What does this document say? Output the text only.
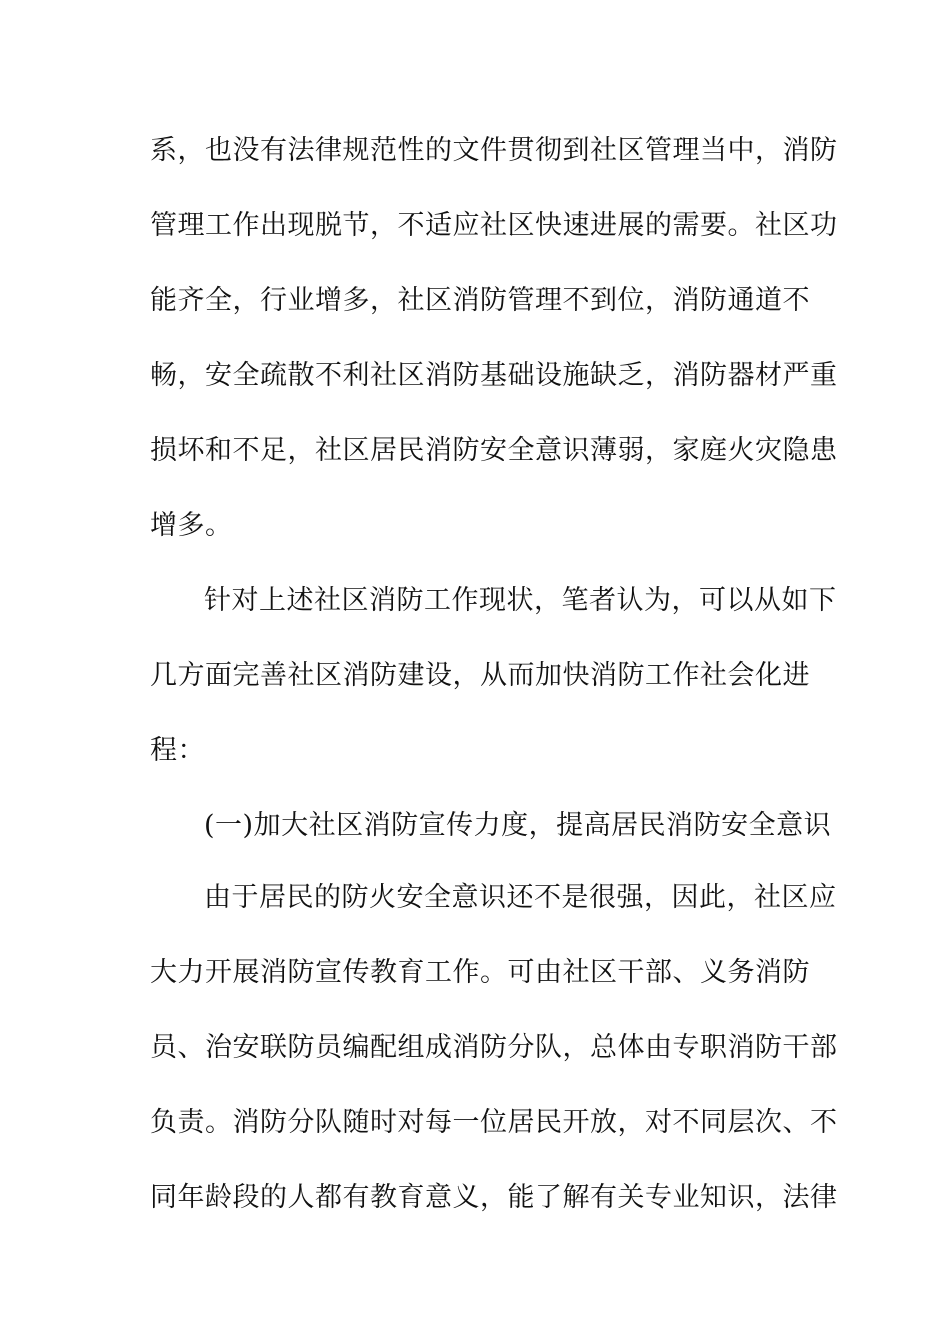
系，也没有法律规范性的文件贯彻到社区管理当中，消防
管理工作出现脱节，不适应社区快速进展的需要。社区功
能齐全，行业增多，社区消防管理不到位，消防通道不
畅，安全疏散不利社区消防基础设施缺乏，消防器材严重
损坏和不足，社区居民消防安全意识薄弱，家庭火灾隐患
增多。
针对上述社区消防工作现状，笔者认为，可以从如下
几方面完善社区消防建设，从而加快消防工作社会化进
程：
(一)加大社区消防宣传力度，提高居民消防安全意识
由于居民的防火安全意识还不是很强，因此，社区应
大力开展消防宣传教育工作。可由社区干部、义务消防
员、治安联防员编配组成消防分队，总体由专职消防干部
负责。消防分队随时对每一位居民开放，对不同层次、不
同年龄段的人都有教育意义，能了解有关专业知识，法律
